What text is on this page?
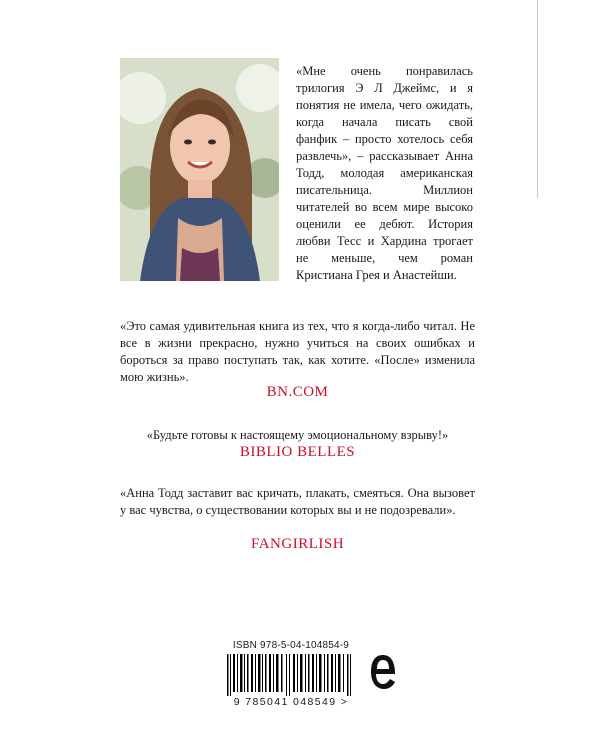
«Мне очень понравилась трилогия Э Л Джеймс, и я понятия не имела, чего ожидать, когда начала писать свой фанфик – просто хотелось себя развлечь», – рассказывает Анна Тодд, молодая американская писательница. Миллион читателей во всем мире высоко оценили ее дебют. История любви Тесс и Хардина трогает не меньше, чем роман Кристиана Грея и Анастейши.

«Это самая удивительная книга из тех, что я когда-либо читал. Не все в жизни прекрасно, нужно учиться на своих ошибках и бороться за право поступать так, как хотите. «После» изменила мою жизнь».

BN.COM

«Будьте готовы к настоящему эмоциональному взрыву!»

BIBLIO BELLES

«Анна Тодд заставит вас кричать, плакать, смеяться. Она вызовет у вас чувства, о существовании которых вы и не подозревали».

FANGIRLISH
ISBN 978-5-04-104854-9
9 785041 048549 >
